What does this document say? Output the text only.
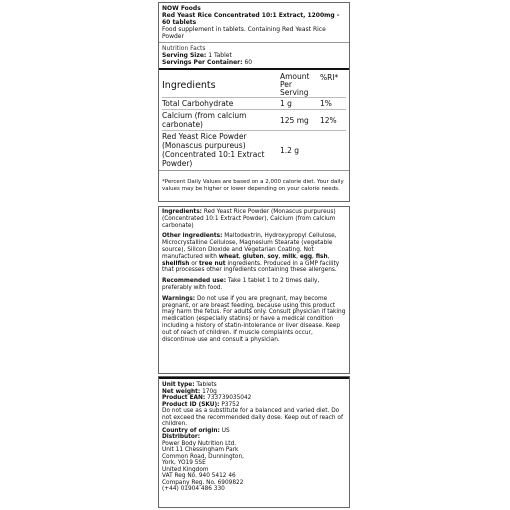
NOW Foods

Red Yeast Rice Concentrated 10:1 Extract, 1200mg - 60 tablets

Food supplement in tablets. Containing Red Yeast Rice Powder

Nutrition Facts

Serving Size: 1 Tablet

Servings Per Container: 60

Ingredients	Amount Per Serving	%RI*
Total Carbohydrate	1 g	1%
Calcium (from calcium carbonate)	125 mg	12%
Red Yeast Rice Powder (Monascus purpureus) (Concentrated 10:1 Extract Powder)	1.2 g	

*Percent Daily Values are based on a 2,000 calorie diet. Your daily values may be higher or lower depending on your calorie needs.

Ingredients: Red Yeast Rice Powder (Monascus purpureus) (Concentrated 10:1 Extract Powder), Calcium (from calcium carbonate)

Other ingredients: Maltodextrin, Hydroxypropyl Cellulose, Microcrystalline Cellulose, Magnesium Stearate (vegetable source), Silicon Dioxide and Vegetarian Coating. Not manufactured with wheat, gluten, soy, milk, egg, fish, shellfish or tree nut ingredients. Produced in a GMP facility that processes other ingredients containing these allergens.

Recommended use: Take 1 tablet 1 to 2 times daily, preferably with food.

Warnings: Do not use if you are pregnant, may become pregnant, or are breast feeding, because using this product may harm the fetus. For adults only. Consult physician if taking medication (especially statins) or have a medical condition including a history of statin-intolerance or liver disease. Keep out of reach of children. If muscle complaints occur, discontinue use and consult a physician.

Unit type: Tablets

Net weight: 170g

Product EAN: 733739035042

Product ID (SKU): P3752

Do not use as a substitute for a balanced and varied diet. Do not exceed the recommended daily dose. Keep out of reach of children.

Country of origin: US

Distributor:

Power Body Nutrition Ltd.

Unit 11 Chessingham Park

Common Road, Dunnington,

York, YO19 5SE

United Kingdom

VAT Reg No. 940 5412 46

Company Reg. No. 6909822

(+44) 01904 486 330
